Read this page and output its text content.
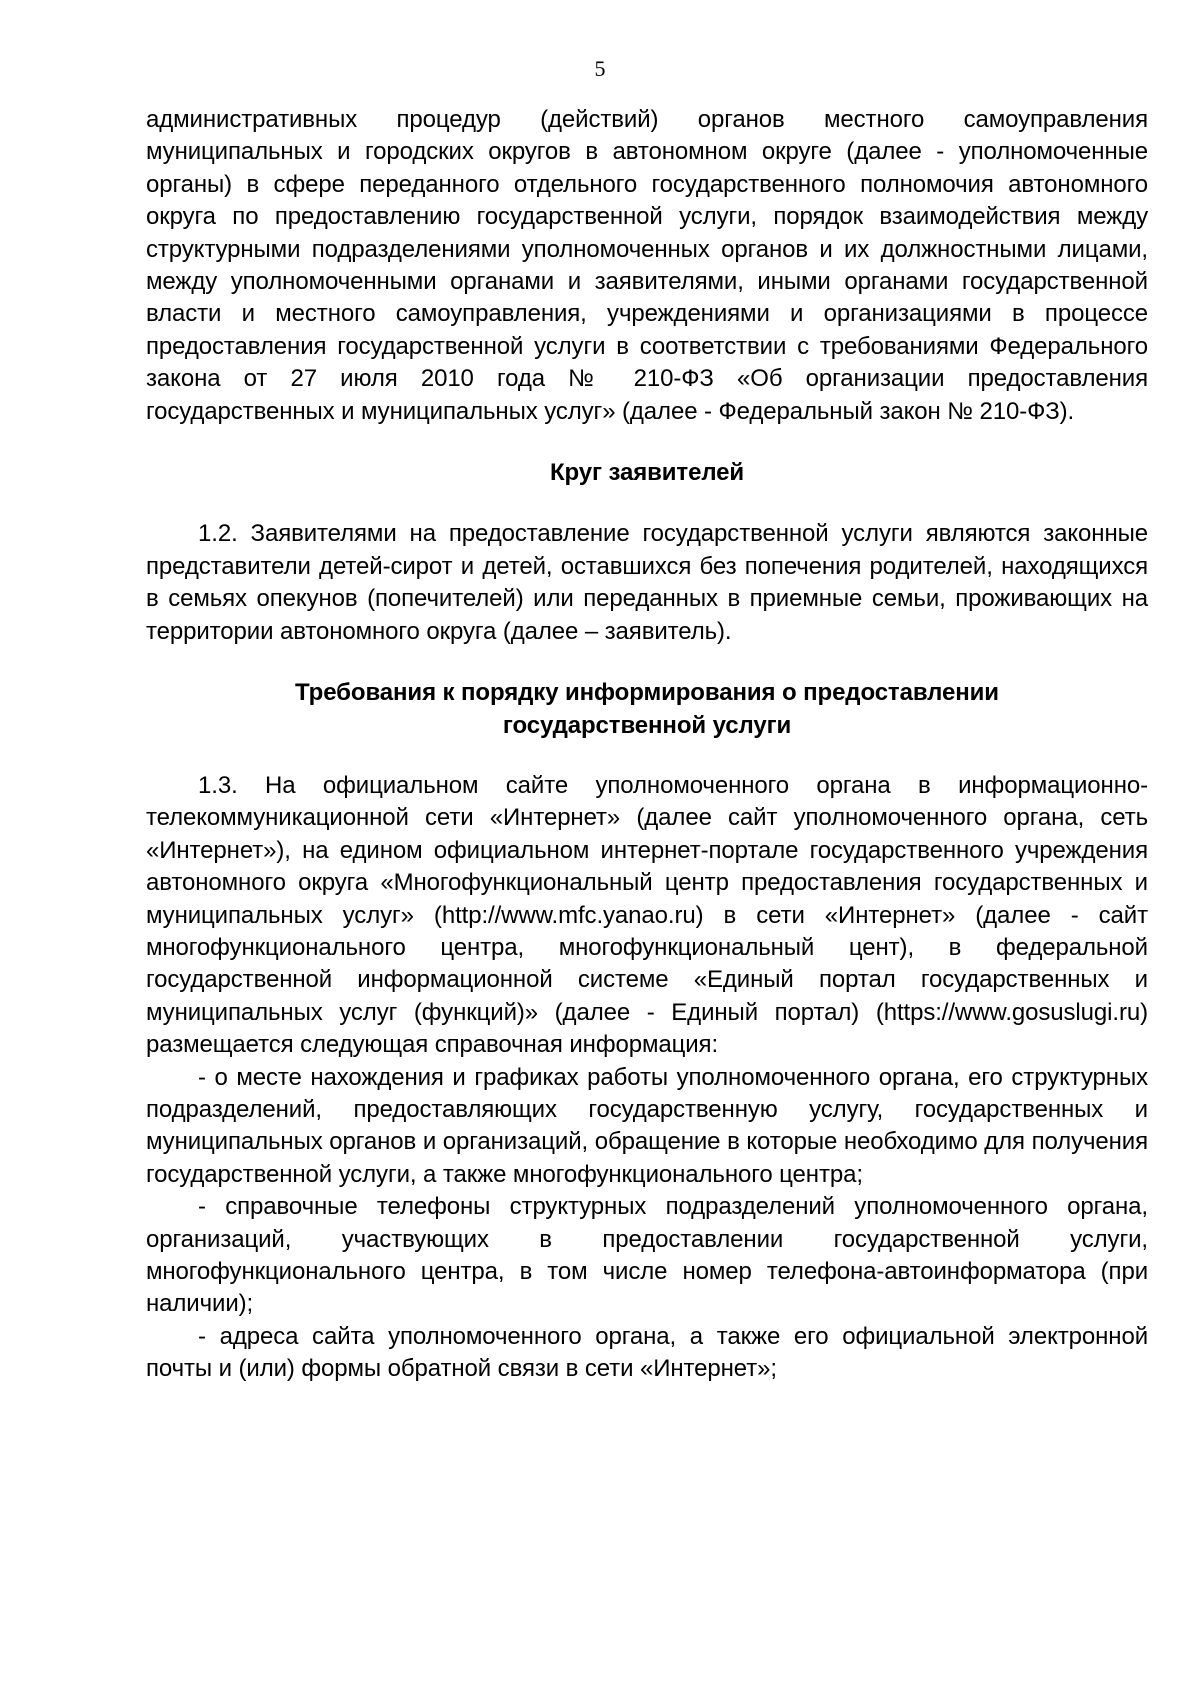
5

административных процедур (действий) органов местного самоуправления муниципальных и городских округов в автономном округе (далее - уполномоченные органы) в сфере переданного отдельного государственного полномочия автономного округа по предоставлению государственной услуги, порядок взаимодействия между структурными подразделениями уполномоченных органов и их должностными лицами, между уполномоченными органами и заявителями, иными органами государственной власти и местного самоуправления, учреждениями и организациями в процессе предоставления государственной услуги в соответствии с требованиями Федерального закона от 27 июля 2010 года № 210-ФЗ «Об организации предоставления государственных и муниципальных услуг» (далее - Федеральный закон № 210-ФЗ).

Круг заявителей

1.2. Заявителями на предоставление государственной услуги являются законные представители детей-сирот и детей, оставшихся без попечения родителей, находящихся в семьях опекунов (попечителей) или переданных в приемные семьи, проживающих на территории автономного округа (далее – заявитель).

Требования к порядку информирования о предоставлении
государственной услуги

1.3. На официальном сайте уполномоченного органа в информационно-телекоммуникационной сети «Интернет» (далее сайт уполномоченного органа, сеть «Интернет»), на едином официальном интернет-портале государственного учреждения автономного округа «Многофункциональный центр предоставления государственных и муниципальных услуг» (http://www.mfc.yanao.ru) в сети «Интернет» (далее - сайт многофункционального центра, многофункциональный цент), в федеральной государственной информационной системе «Единый портал государственных и муниципальных услуг (функций)» (далее - Единый портал) (https://www.gosuslugi.ru) размещается следующая справочная информация:

- о месте нахождения и графиках работы уполномоченного органа, его структурных подразделений, предоставляющих государственную услугу, государственных и муниципальных органов и организаций, обращение в которые необходимо для получения государственной услуги, а также многофункционального центра;

- справочные телефоны структурных подразделений уполномоченного органа, организаций, участвующих в предоставлении государственной услуги, многофункционального центра, в том числе номер телефона-автоинформатора (при наличии);

- адреса сайта уполномоченного органа, а также его официальной электронной почты и (или) формы обратной связи в сети «Интернет»;
